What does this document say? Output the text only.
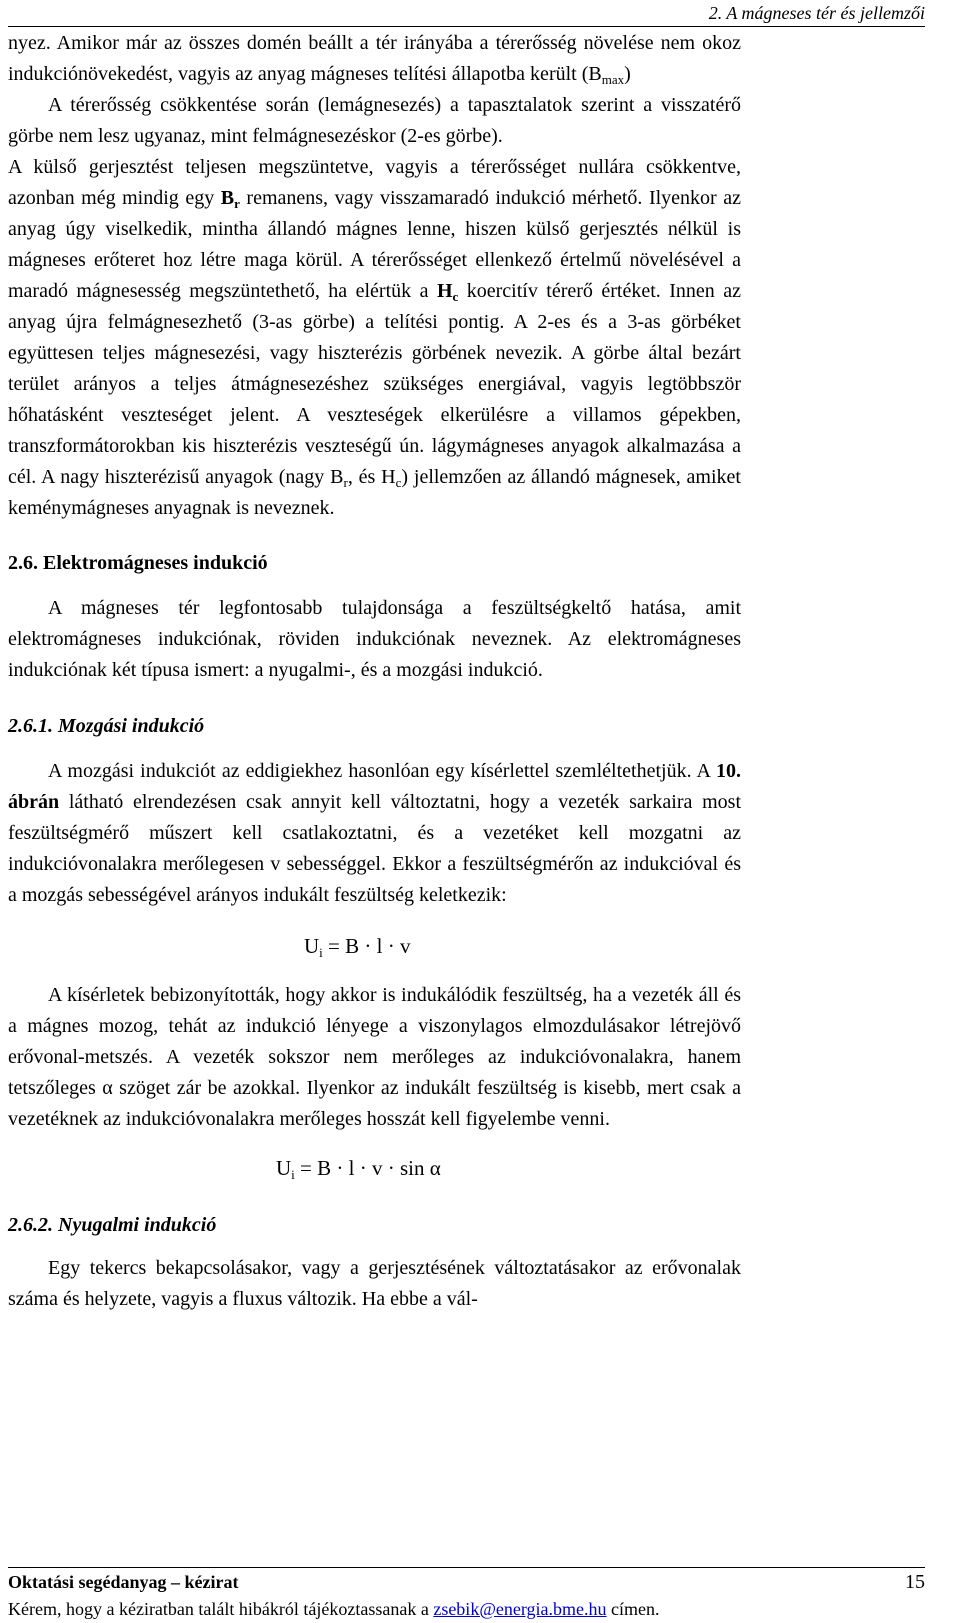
2. A mágneses tér és jellemzői

nyez. Amikor már az összes domén beállt a tér irányába a térerősség növelése nem okoz indukciónövekedést, vagyis az anyag mágneses telítési állapotba került $(B_{max})$

A térerősség csökkentése során (lemágnesezés) a tapasztalatok szerint a visszatérő görbe nem lesz ugyanaz, mint felmágnesezéskor (2-es görbe).

A külső gerjesztést teljesen megszüntetve, vagyis a térerősséget nullára csökkentve, azonban még mindig egy $B_r$ remanens, vagy visszamaradó indukció mérhető. Ilyenkor az anyag úgy viselkedik, mintha állandó mágnes lenne, hiszen külső gerjesztés nélkül is mágneses erőteret hoz létre maga körül. A térerősséget ellenkező értelmű növelésével a maradó mágnesesség megszüntethető, ha elértük a $H_c$ koercitív térerő értéket. Innen az anyag újra felmágnesezhető (3-as görbe) a telítési pontig. A 2-es és a 3-as görbéket együttesen teljes mágnesezési, vagy hiszterézis görbének nevezik. A görbe által bezárt terület arányos a teljes átmágnesezéshez szükséges energiával, vagyis legtöbbször hőhatásként veszteséget jelent. A veszteségek elkerülésre a villamos gépekben, transzformátorokban kis hiszterézis veszteségű ún. lágymágneses anyagok alkalmazása a cél. A nagy hiszterézisű anyagok (nagy $B_r$, és $H_c$) jellemzően az állandó mágnesek, amiket keménymágneses anyagnak is neveznek.

2.6. Elektromágneses indukció

A mágneses tér legfontosabb tulajdonsága a feszültségkeltő hatása, amit elektromágneses indukciónak, röviden indukciónak neveznek. Az elektromágneses indukciónak két típusa ismert: a nyugalmi-, és a mozgási indukció.

2.6.1. Mozgási indukció

A mozgási indukciót az eddigiekhez hasonlóan egy kísérlettel szemléltethetjük. A 10. ábrán látható elrendezésen csak annyit kell változtatni, hogy a vezeték sarkaira most feszültségmérő műszert kell csatlakoztatni, és a vezetéket kell mozgatni az indukcióvonalakra merőlegesen v sebességgel. Ekkor a feszültségmérőn az indukcióval és a mozgás sebességével arányos indukált feszültség keletkezik:

$U_i = B \cdot l \cdot v$

A kísérletek bebizonyították, hogy akkor is indukálódik feszültség, ha a vezeték áll és a mágnes mozog, tehát az indukció lényege a viszonylagos elmozdulásakor létrejövő erővonal-metszés. A vezeték sokszor nem merőleges az indukcióvonalakra, hanem tetszőleges α szöget zár be azokkal. Ilyenkor az indukált feszültség is kisebb, mert csak a vezetéknek az indukcióvonalakra merőleges hosszát kell figyelembe venni.

$U_i = B \cdot l \cdot v \cdot \sin \alpha$
2.6.2. Nyugalmi indukció

Egy tekercs bekapcsolásakor, vagy a gerjesztésének változtatásakor az erővonalak száma és helyzete, vagyis a fluxus változik. Ha ebbe a vál-

Oktatási segédanyag – kézirat	15
Kérem, hogy a kéziratban talált hibákról tájékoztassanak a zsebik@energia.bme.hu címen.
